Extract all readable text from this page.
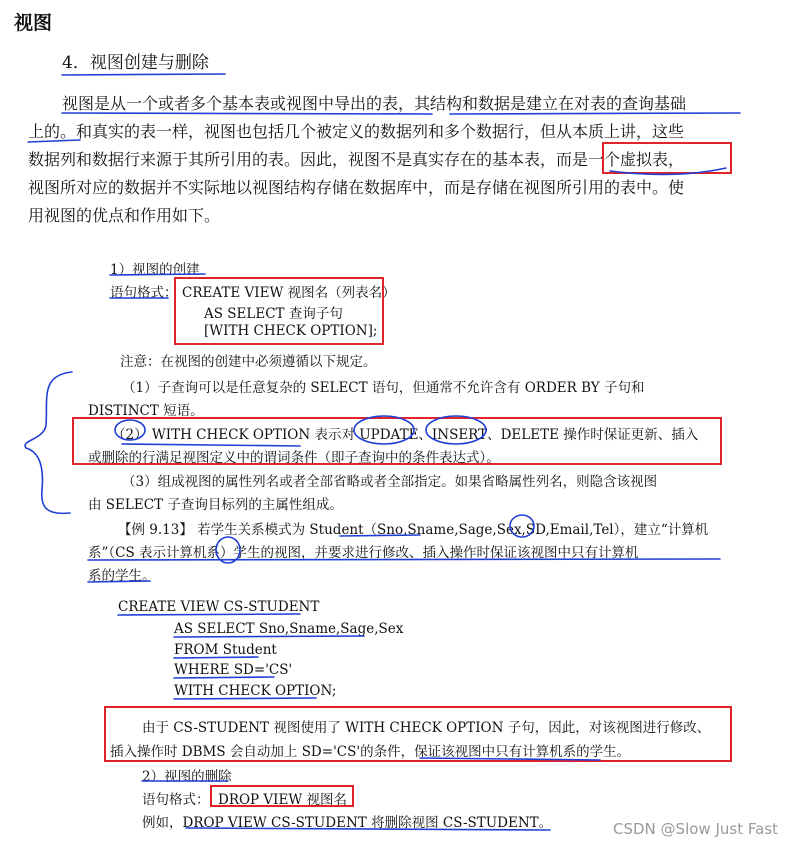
视图
4．视图创建与删除
视图是从一个或者多个基本表或视图中导出的表，其结构和数据是建立在对表的查询基础
上的。和真实的表一样，视图也包括几个被定义的数据列和多个数据行，但从本质上讲，这些
数据列和数据行来源于其所引用的表。因此，视图不是真实存在的基本表，而是一个虚拟表，
视图所对应的数据并不实际地以视图结构存储在数据库中，而是存储在视图所引用的表中。使
用视图的优点和作用如下。
1）视图的创建
语句格式： CREATE VIEW 视图名（列表名）
AS SELECT 查询子句
[WITH CHECK OPTION];
注意：在视图的创建中必须遵循以下规定。
（1）子查询可以是任意复杂的 SELECT 语句，但通常不允许含有 ORDER BY 子句和
DISTINCT 短语。
（2） WITH CHECK OPTION 表示对 UPDATE、INSERT、DELETE 操作时保证更新、插入
或删除的行满足视图定义中的谓词条件（即子查询中的条件表达式）。
（3）组成视图的属性列名或者全部省略或者全部指定。如果省略属性列名，则隐含该视图
由 SELECT 子查询目标列的主属性组成。
【例 9.13】 若学生关系模式为 Student（Sno,Sname,Sage,Sex,SD,Email,Tel），建立“计算机
系”（CS 表示计算机系）学生的视图，并要求进行修改、插入操作时保证该视图中只有计算机
系的学生。
CREATE VIEW CS-STUDENT
AS SELECT Sno,Sname,Sage,Sex
FROM Student
WHERE SD='CS'
WITH CHECK OPTION;
由于 CS-STUDENT 视图使用了 WITH CHECK OPTION 子句，因此，对该视图进行修改、
插入操作时 DBMS 会自动加上 SD='CS'的条件，保证该视图中只有计算机系的学生。
2）视图的删除
语句格式： DROP VIEW 视图名
例如，DROP VIEW CS-STUDENT 将删除视图 CS-STUDENT。	CSDN @Slow Just Fast
